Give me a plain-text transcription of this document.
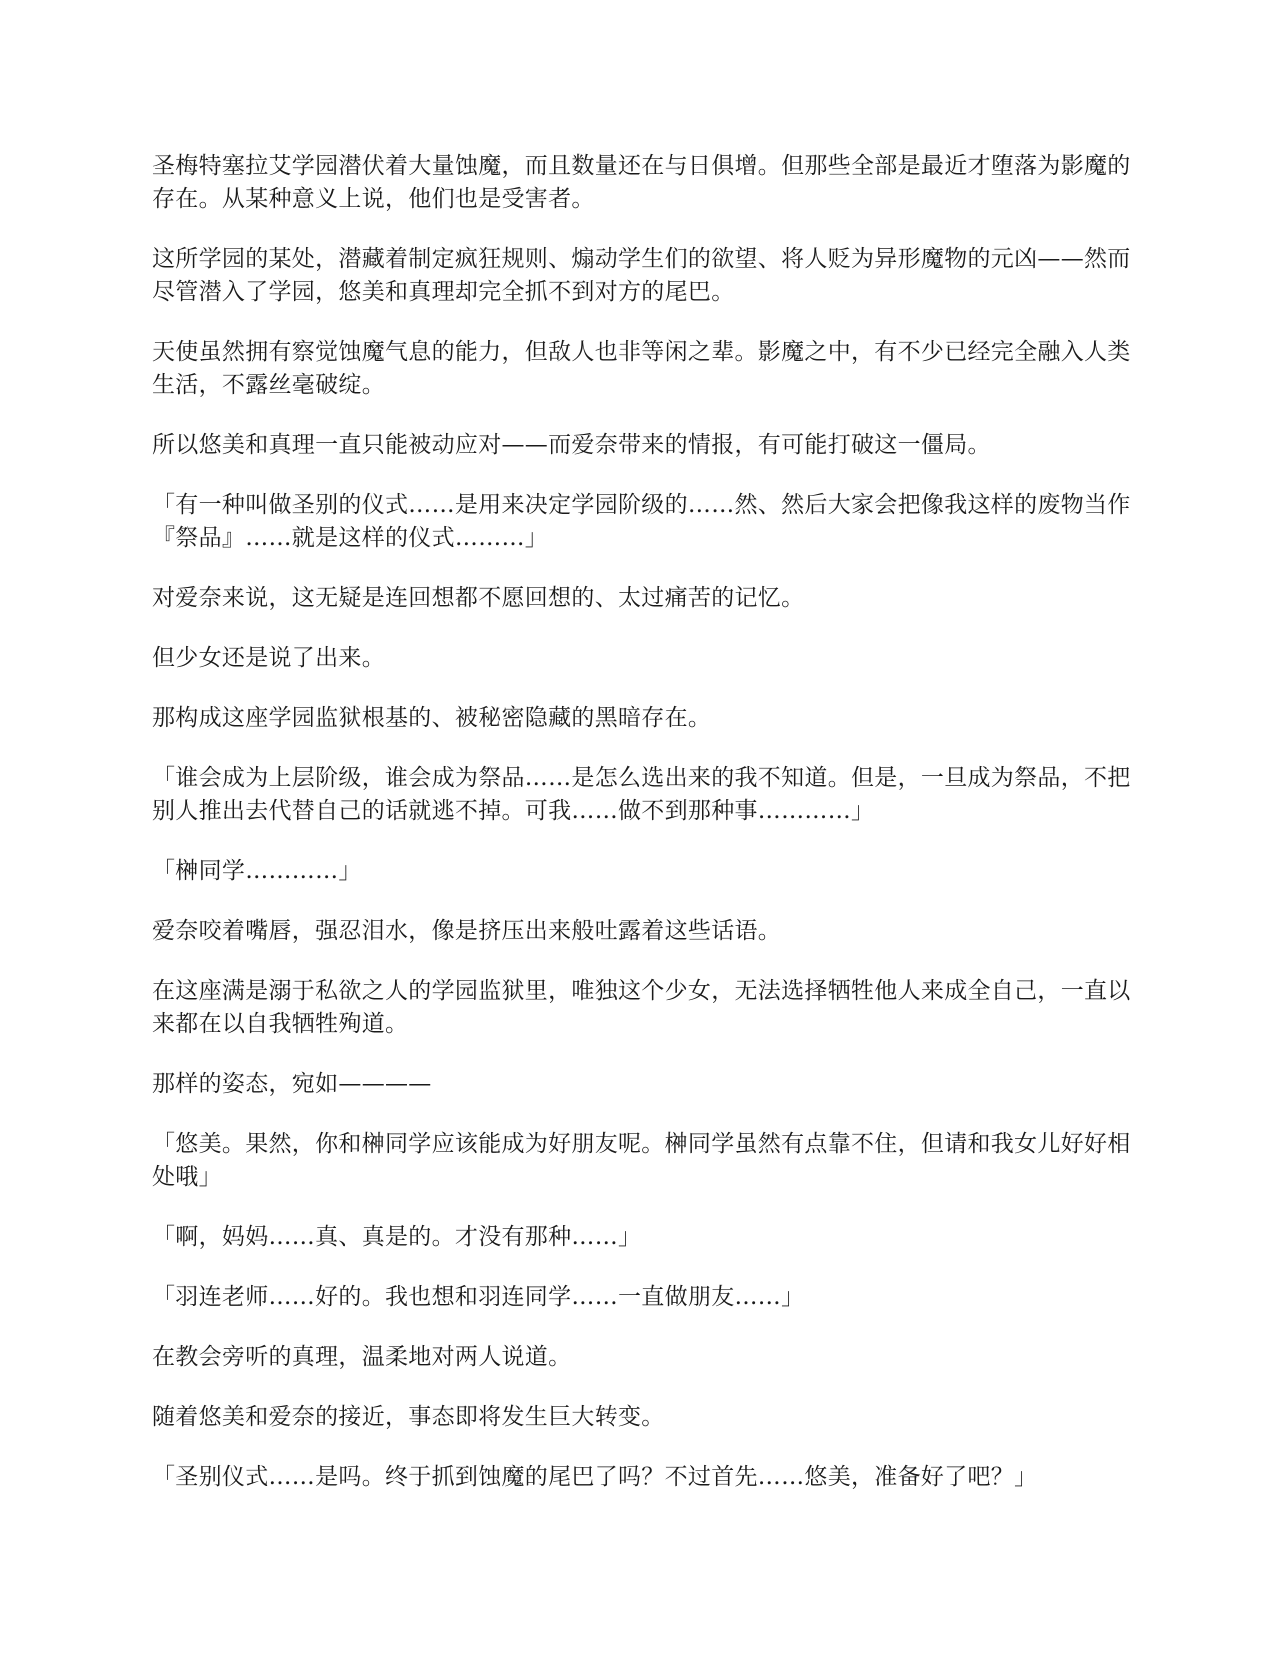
圣梅特塞拉艾学园潜伏着大量蚀魔，而且数量还在与日俱增。但那些全部是最近才堕落为影魔的存在。从某种意义上说，他们也是受害者。

这所学园的某处，潜藏着制定疯狂规则、煽动学生们的欲望、将人贬为异形魔物的元凶——然而尽管潜入了学园，悠美和真理却完全抓不到对方的尾巴。

天使虽然拥有察觉蚀魔气息的能力，但敌人也非等闲之辈。影魔之中，有不少已经完全融入人类生活，不露丝毫破绽。

所以悠美和真理一直只能被动应对——而爱奈带来的情报，有可能打破这一僵局。

「有一种叫做圣别的仪式……是用来决定学园阶级的……然、然后大家会把像我这样的废物当作『祭品』……就是这样的仪式………」

对爱奈来说，这无疑是连回想都不愿回想的、太过痛苦的记忆。

但少女还是说了出来。

那构成这座学园监狱根基的、被秘密隐藏的黑暗存在。

「谁会成为上层阶级，谁会成为祭品……是怎么选出来的我不知道。但是，一旦成为祭品，不把别人推出去代替自己的话就逃不掉。可我……做不到那种事…………」

「榊同学…………」

爱奈咬着嘴唇，强忍泪水，像是挤压出来般吐露着这些话语。

在这座满是溺于私欲之人的学园监狱里，唯独这个少女，无法选择牺牲他人来成全自己，一直以来都在以自我牺牲殉道。

那样的姿态，宛如————

「悠美。果然，你和榊同学应该能成为好朋友呢。榊同学虽然有点靠不住，但请和我女儿好好相处哦」

「啊，妈妈……真、真是的。才没有那种……」

「羽连老师……好的。我也想和羽连同学……一直做朋友……」

在教会旁听的真理，温柔地对两人说道。

随着悠美和爱奈的接近，事态即将发生巨大转变。

「圣别仪式……是吗。终于抓到蚀魔的尾巴了吗？不过首先……悠美，准备好了吧？」
